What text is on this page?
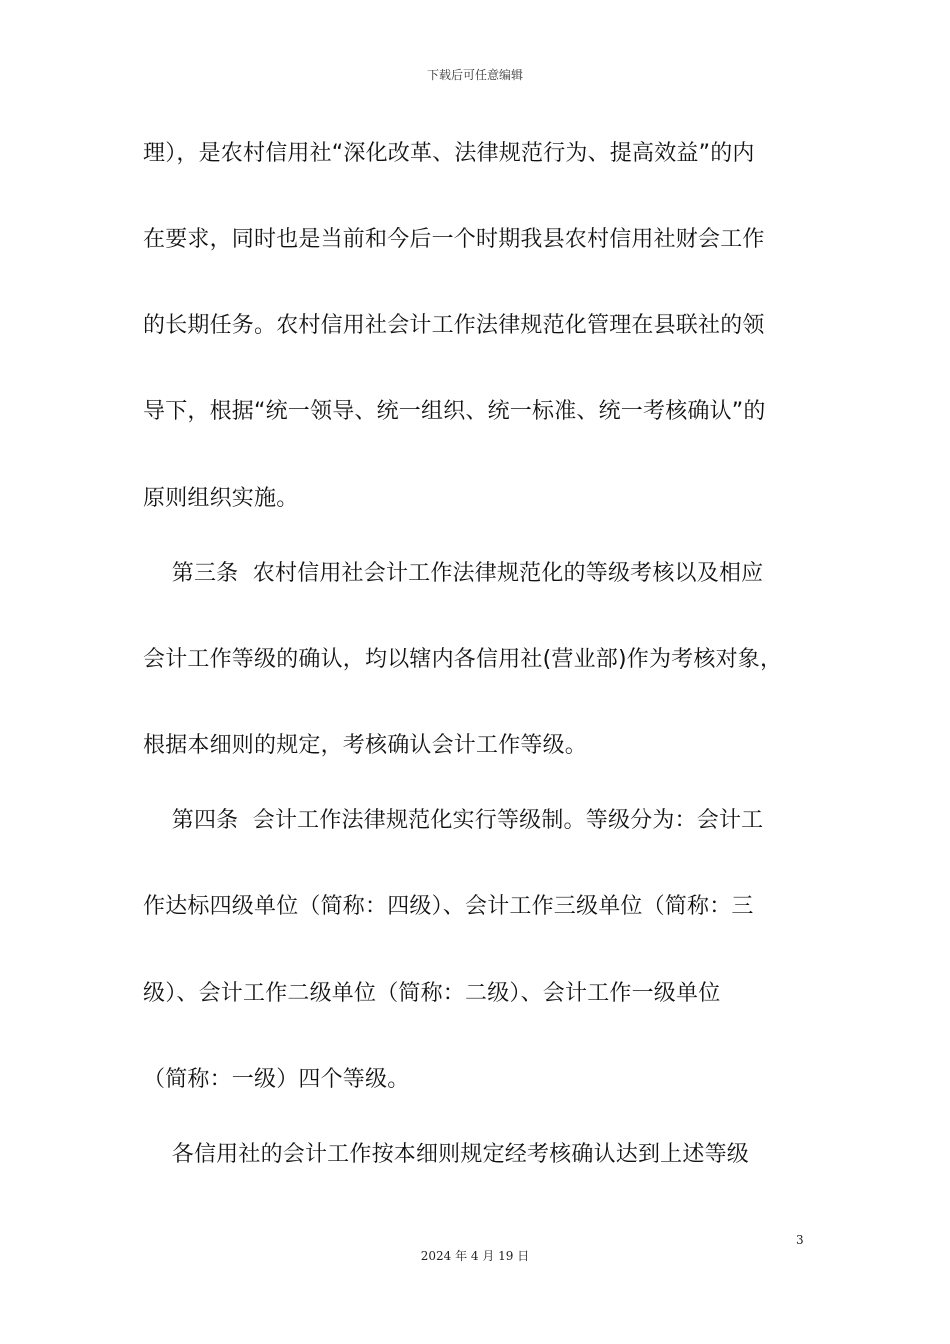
下载后可任意编辑
理），是农村信用社“深化改革、法律规范行为、提高效益”的内
在要求，同时也是当前和今后一个时期我县农村信用社财会工作
的长期任务。农村信用社会计工作法律规范化管理在县联社的领
导下，根据“统一领导、统一组织、统一标准、统一考核确认”的
原则组织实施。
第三条  农村信用社会计工作法律规范化的等级考核以及相应
会计工作等级的确认，均以辖内各信用社(营业部)作为考核对象，
根据本细则的规定，考核确认会计工作等级。
第四条  会计工作法律规范化实行等级制。等级分为：会计工
作达标四级单位（简称：四级）、会计工作三级单位（简称：三
级）、会计工作二级单位（简称：二级）、会计工作一级单位
（简称：一级）四个等级。
各信用社的会计工作按本细则规定经考核确认达到上述等级
3
2024 年 4 月 19 日
